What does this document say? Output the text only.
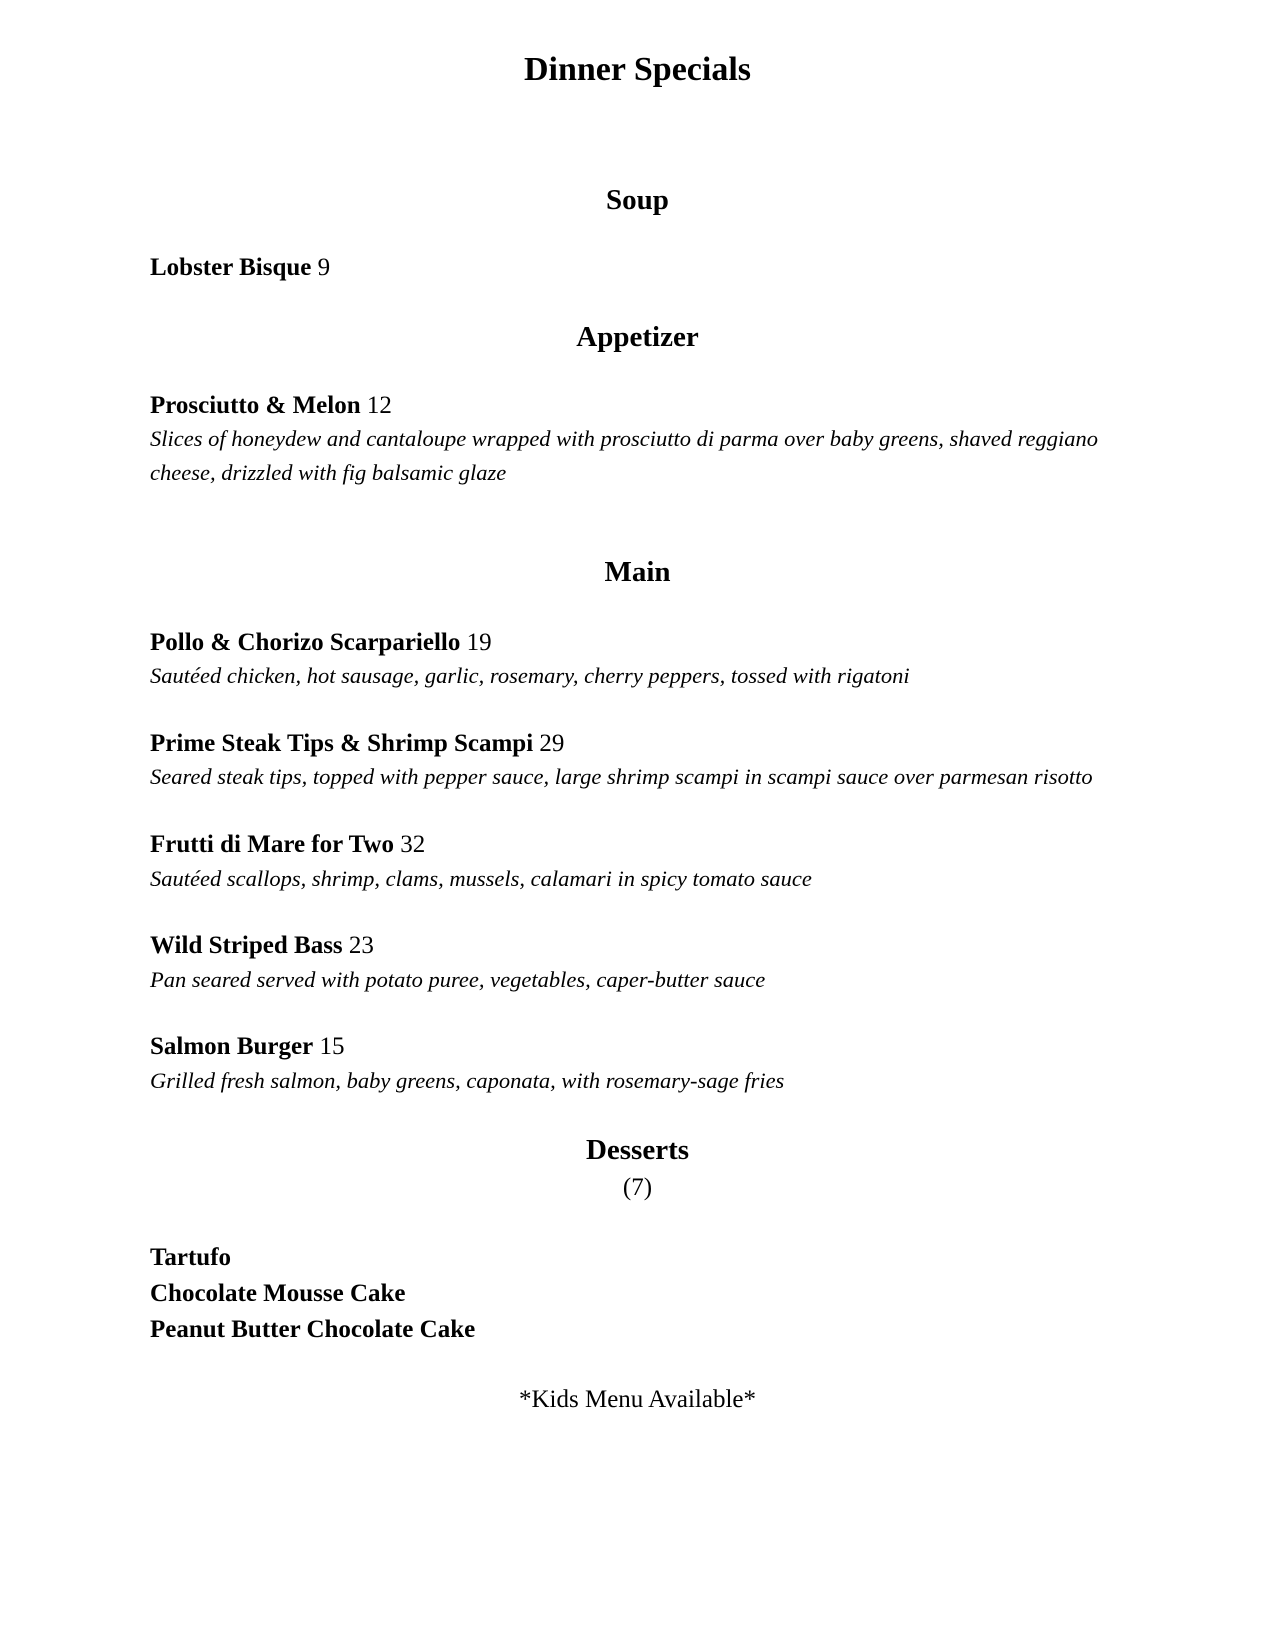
Dinner Specials
Soup
Lobster Bisque 9
Appetizer
Prosciutto & Melon 12
Slices of honeydew and cantaloupe wrapped with prosciutto di parma over baby greens, shaved reggiano
cheese, drizzled with fig balsamic glaze
Main
Pollo & Chorizo Scarpariello 19
Sautéed chicken, hot sausage, garlic, rosemary, cherry peppers, tossed with rigatoni
Prime Steak Tips & Shrimp Scampi 29
Seared steak tips, topped with pepper sauce, large shrimp scampi in scampi sauce over parmesan risotto
Frutti di Mare for Two 32
Sautéed scallops, shrimp, clams, mussels, calamari in spicy tomato sauce
Wild Striped Bass 23
Pan seared served with potato puree, vegetables, caper-butter sauce
Salmon Burger 15
Grilled fresh salmon, baby greens, caponata, with rosemary-sage fries
Desserts
(7)
Tartufo
Chocolate Mousse Cake
Peanut Butter Chocolate Cake
*Kids Menu Available*
